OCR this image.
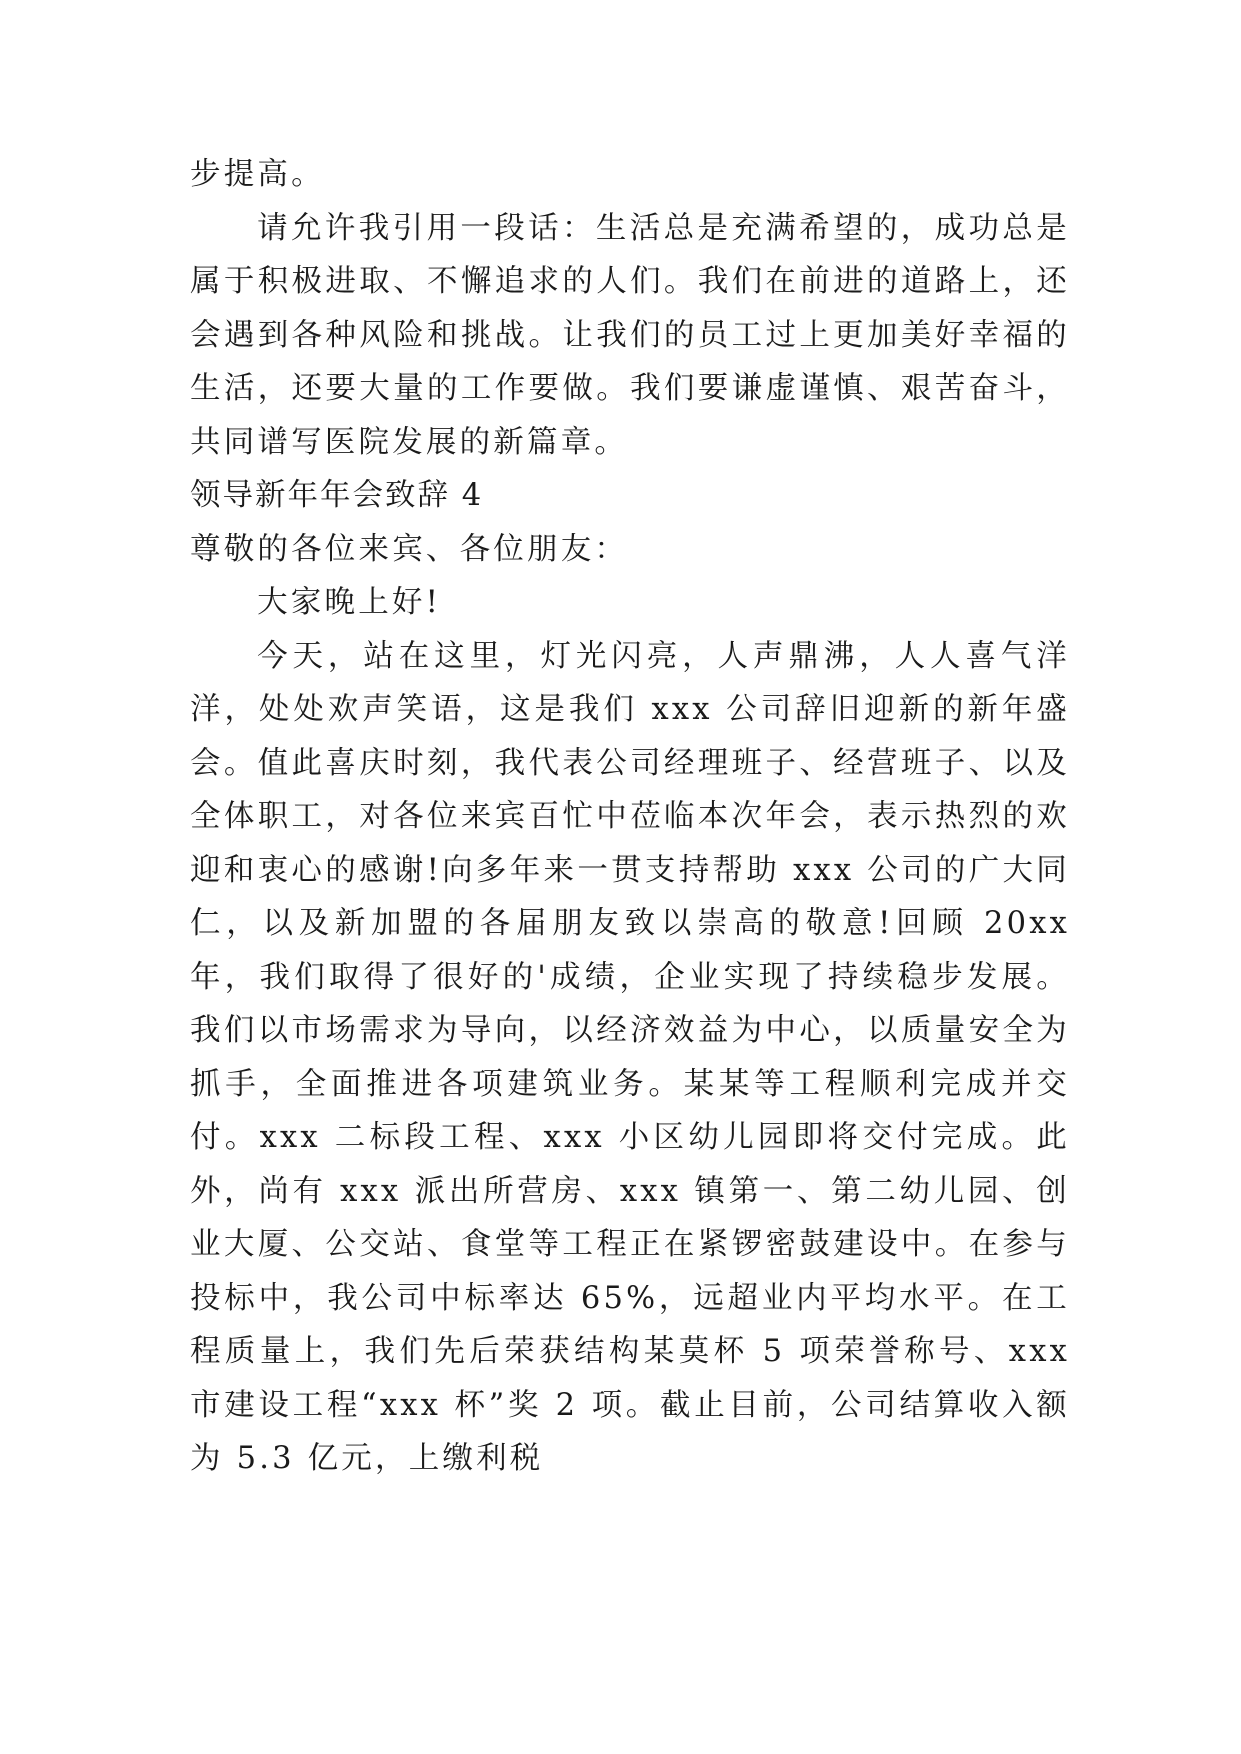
步提高。

请允许我引用一段话：生活总是充满希望的，成功总是属于积极进取、不懈追求的人们。我们在前进的道路上，还会遇到各种风险和挑战。让我们的员工过上更加美好幸福的生活，还要大量的工作要做。我们要谦虚谨慎、艰苦奋斗，共同谱写医院发展的新篇章。

领导新年年会致辞 4

尊敬的各位来宾、各位朋友：

大家晚上好!

今天，站在这里，灯光闪亮，人声鼎沸，人人喜气洋洋，处处欢声笑语，这是我们 xxx 公司辞旧迎新的新年盛会。值此喜庆时刻，我代表公司经理班子、经营班子、以及全体职工，对各位来宾百忙中莅临本次年会，表示热烈的欢迎和衷心的感谢!向多年来一贯支持帮助 xxx 公司的广大同仁，以及新加盟的各届朋友致以崇高的敬意!回顾 20xx 年，我们取得了很好的'成绩，企业实现了持续稳步发展。我们以市场需求为导向，以经济效益为中心，以质量安全为抓手，全面推进各项建筑业务。某某等工程顺利完成并交付。xxx 二标段工程、xxx 小区幼儿园即将交付完成。此外，尚有 xxx 派出所营房、xxx 镇第一、第二幼儿园、创业大厦、公交站、食堂等工程正在紧锣密鼓建设中。在参与投标中，我公司中标率达 65%，远超业内平均水平。在工程质量上，我们先后荣获结构某莫杯 5 项荣誉称号、xxx 市建设工程“xxx 杯”奖 2 项。截止目前，公司结算收入额为 5.3 亿元，上缴利税
